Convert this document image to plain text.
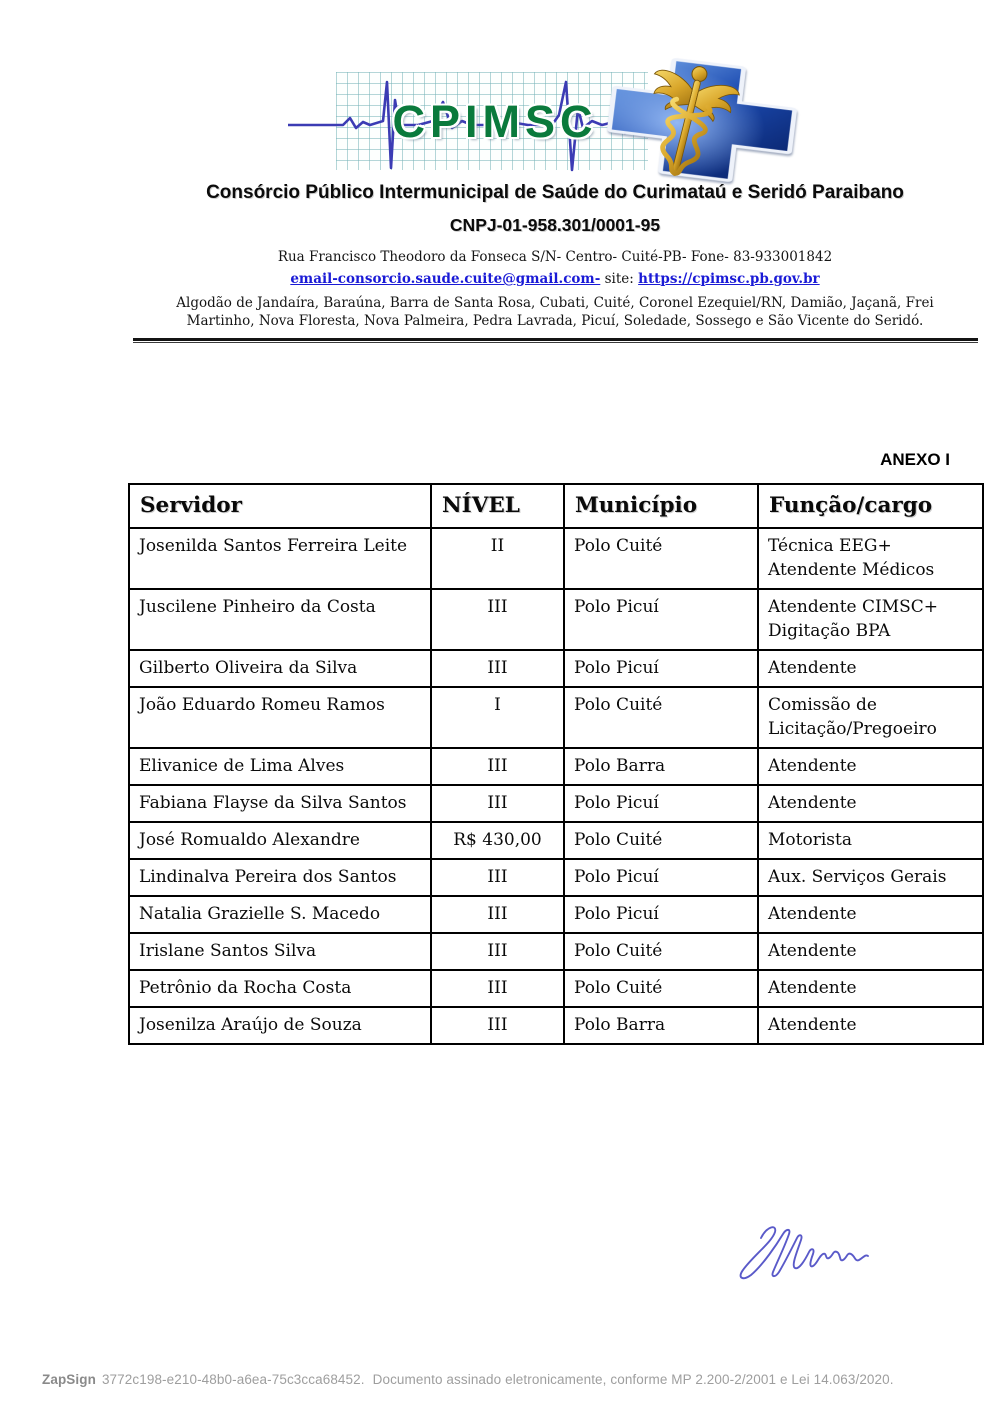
CPIMSC
Consórcio Público Intermunicipal de Saúde do Curimataú e Seridó Paraibano
CNPJ-01-958.301/0001-95
Rua Francisco Theodoro da Fonseca S/N- Centro- Cuité-PB- Fone- 83-933001842
email-consorcio.saude.cuite@gmail.com- site: https://cpimsc.pb.gov.br
Algodão de Jandaíra, Baraúna, Barra de Santa Rosa, Cubati, Cuité, Coronel Ezequiel/RN, Damião, Jaçanã, Frei Martinho, Nova Floresta, Nova Palmeira, Pedra Lavrada, Picuí, Soledade, Sossego e São Vicente do Seridó.
ANEXO I
Servidor	NÍVEL	Município	Função/cargo
Josenilda Santos Ferreira Leite	II	Polo Cuité	Técnica EEG+ Atendente Médicos
Juscilene Pinheiro da Costa	III	Polo Picuí	Atendente CIMSC+ Digitação BPA
Gilberto Oliveira da Silva	III	Polo Picuí	Atendente
João Eduardo Romeu Ramos	I	Polo Cuité	Comissão de Licitação/Pregoeiro
Elivanice de Lima Alves	III	Polo Barra	Atendente
Fabiana Flayse da Silva Santos	III	Polo Picuí	Atendente
José Romualdo Alexandre	R$ 430,00	Polo Cuité	Motorista
Lindinalva Pereira dos Santos	III	Polo Picuí	Aux. Serviços Gerais
Natalia Grazielle S. Macedo	III	Polo Picuí	Atendente
Irislane Santos Silva	III	Polo Cuité	Atendente
Petrônio da Rocha Costa	III	Polo Cuité	Atendente
Josenilza Araújo de Souza	III	Polo Barra	Atendente
ZapSign 3772c198-e210-48b0-a6ea-75c3cca68452. Documento assinado eletronicamente, conforme MP 2.200-2/2001 e Lei 14.063/2020.
